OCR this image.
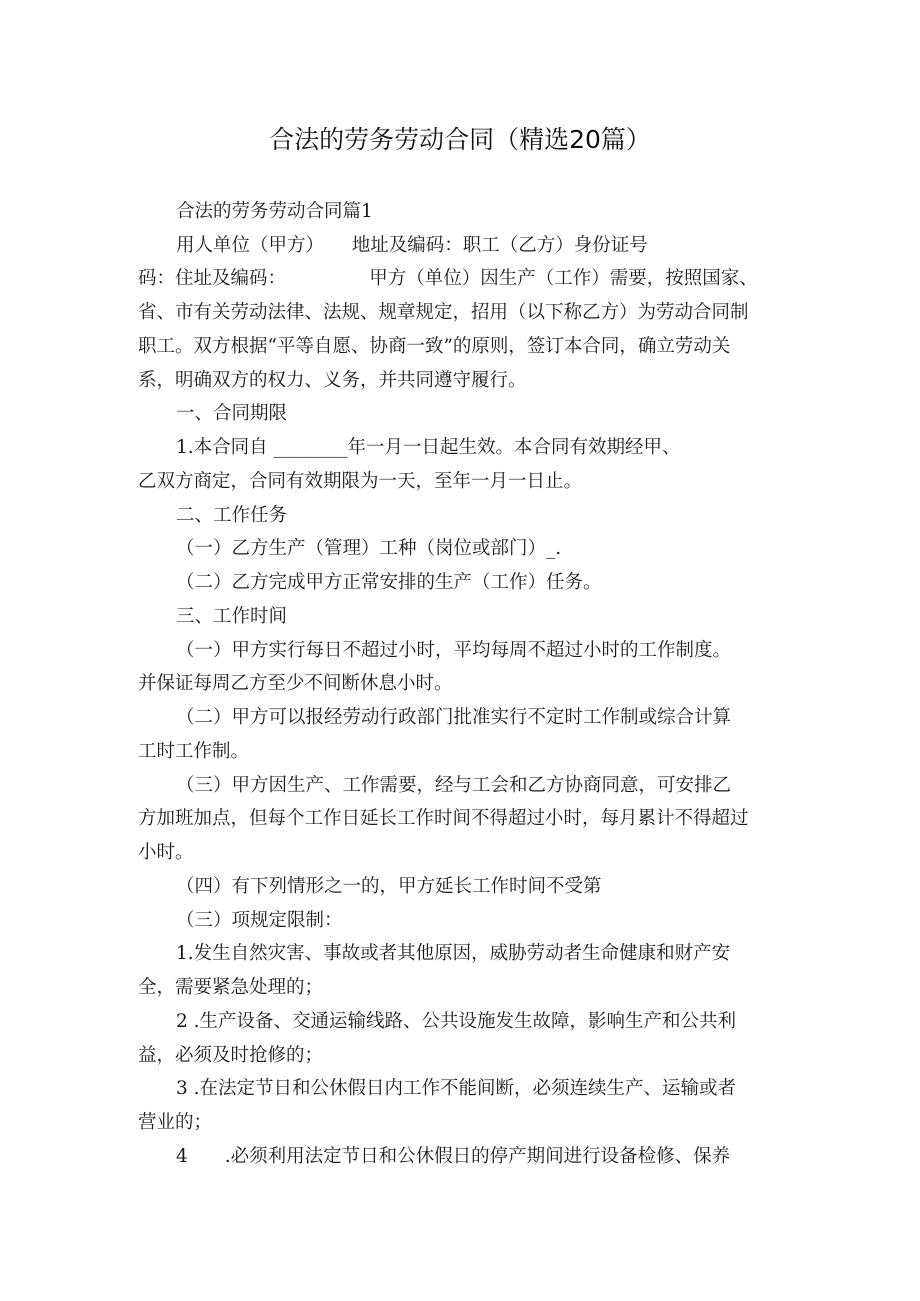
合法的劳务劳动合同（精选20篇）
合法的劳务劳动合同篇1
用人单位（甲方）　　地址及编码：职工（乙方）身份证号
码：住址及编码：　　　　　甲方（单位）因生产（工作）需要，按照国家、
省、市有关劳动法律、法规、规章规定，招用（以下称乙方）为劳动合同制
职工。双方根据“平等自愿、协商一致”的原则，签订本合同，确立劳动关
系，明确双方的权力、义务，并共同遵守履行。
一、合同期限
1.本合同自 ________年一月一日起生效。本合同有效期经甲、
乙双方商定，合同有效期限为一天，至年一月一日止。
二、工作任务
（一）乙方生产（管理）工种（岗位或部门）_.
（二）乙方完成甲方正常安排的生产（工作）任务。
三、工作时间
（一）甲方实行每日不超过小时，平均每周不超过小时的工作制度。
并保证每周乙方至少不间断休息小时。
（二）甲方可以报经劳动行政部门批准实行不定时工作制或综合计算
工时工作制。
（三）甲方因生产、工作需要，经与工会和乙方协商同意，可安排乙
方加班加点，但每个工作日延长工作时间不得超过小时，每月累计不得超过
小时。
（四）有下列情形之一的，甲方延长工作时间不受第
（三）项规定限制：
1.发生自然灾害、事故或者其他原因，威胁劳动者生命健康和财产安
全，需要紧急处理的；
2 .生产设备、交通运输线路、公共设施发生故障，影响生产和公共利
益，必须及时抢修的；
3 .在法定节日和公休假日内工作不能间断，必须连续生产、运输或者
营业的；
4　　.必须利用法定节日和公休假日的停产期间进行设备检修、保养
